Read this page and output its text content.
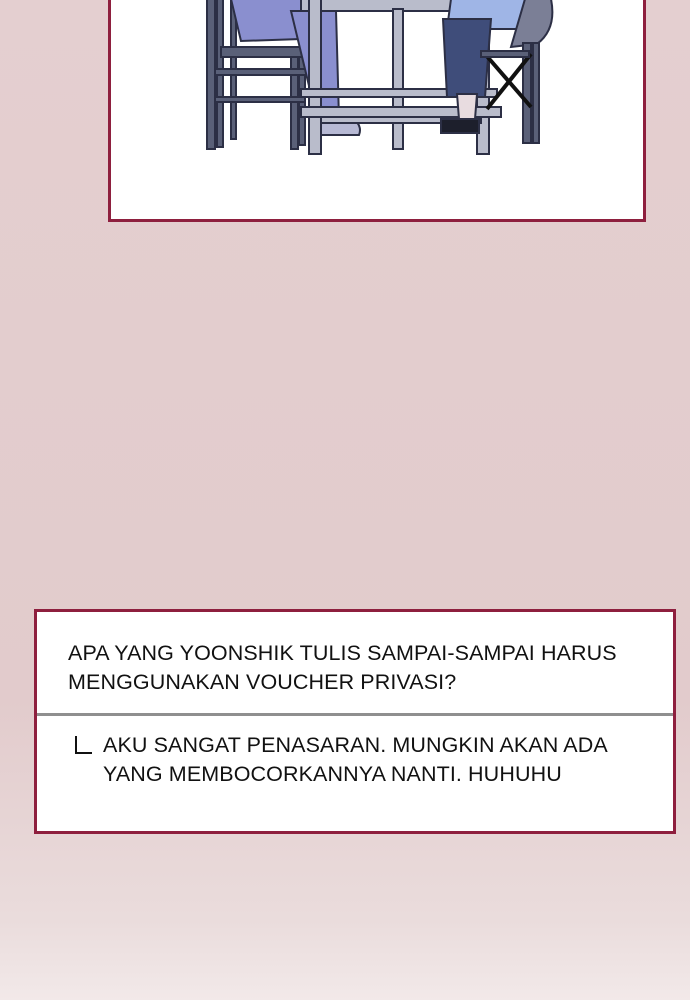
APA YANG YOONSHIK TULIS SAMPAI-SAMPAI HARUS MENGGUNAKAN VOUCHER PRIVASI?
AKU SANGAT PENASARAN. MUNGKIN AKAN ADA YANG MEMBOCORKANNYA NANTI. HUHUHU
